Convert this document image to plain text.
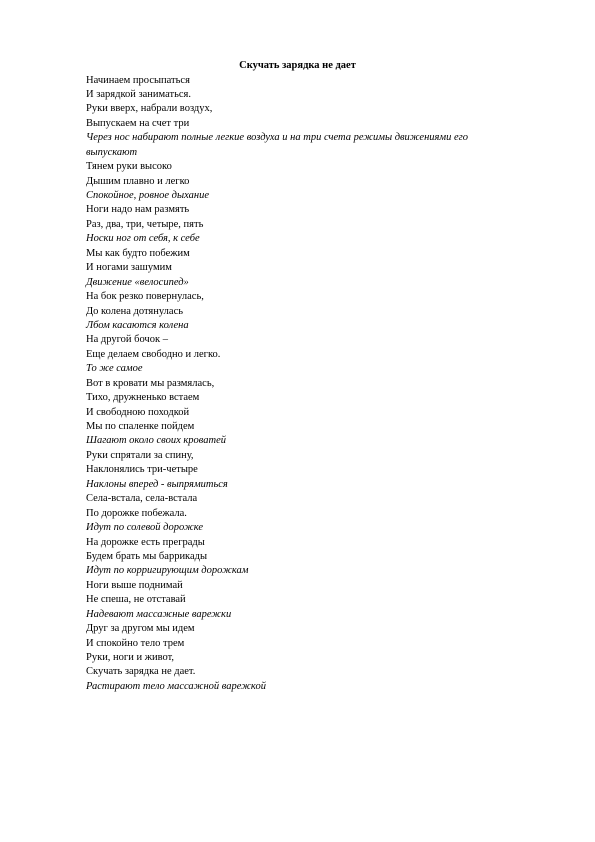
Скучать зарядка не дает
Начинаем просыпаться
И зарядкой заниматься.
Руки вверх, набрали воздух,
Выпускаем на счет три
Через нос набирают полные легкие воздуха и на три счета режимы движениями его
выпускают
Тянем руки высоко
Дышим плавно и легко
Спокойное, ровное дыхание
Ноги надо нам размять
Раз, два, три, четыре, пять
Носки ног от себя, к себе
Мы как будто побежим
И ногами зашумим
Движение «велосипед»
На бок резко повернулась,
До колена дотянулась
Лбом касаются колена
На другой бочок –
Еще делаем свободно и легко.
То же самое
Вот в кровати мы размялась,
Тихо, дружненько встаем
И свободною походкой
Мы по спаленке пойдем
Шагают около своих кроватей
Руки спрятали за спину,
Наклонялись три-четыре
Наклоны вперед - выпрямиться
Села-встала, села-встала
По дорожке побежала.
Идут по солевой дорожке
На дорожке есть преграды
Будем брать мы баррикады
Идут по корригирующим дорожкам
Ноги выше поднимай
Не спеша, не отставай
Надевают массажные варежки
Друг за другом мы идем
И спокойно тело трем
Руки, ноги и живот,
Скучать зарядка не дает.
Растирают тело массажной варежкой
